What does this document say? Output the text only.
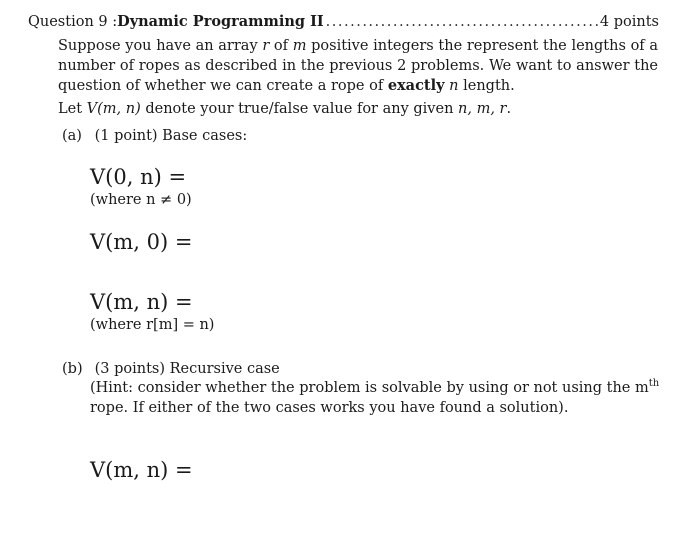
Question 9 : Dynamic Programming II
.....	4 points
Suppose you have an array r of m positive integers the represent the lengths of a number of ropes as described in the previous 2 problems. We want to answer the question of whether we can create a rope of exactly n length.
Let V(m, n) denote your true/false value for any given n, m, r.
(a) (1 point) Base cases:
V(0, n) =
(where n ≠ 0)
V(m, 0) =
V(m, n) =
(where r[m] = n)
(b) (3 points) Recursive case
(Hint: consider whether the problem is solvable by using or not using the $m^{th}$ rope. If either of the two cases works you have found a solution).
V(m, n) =
